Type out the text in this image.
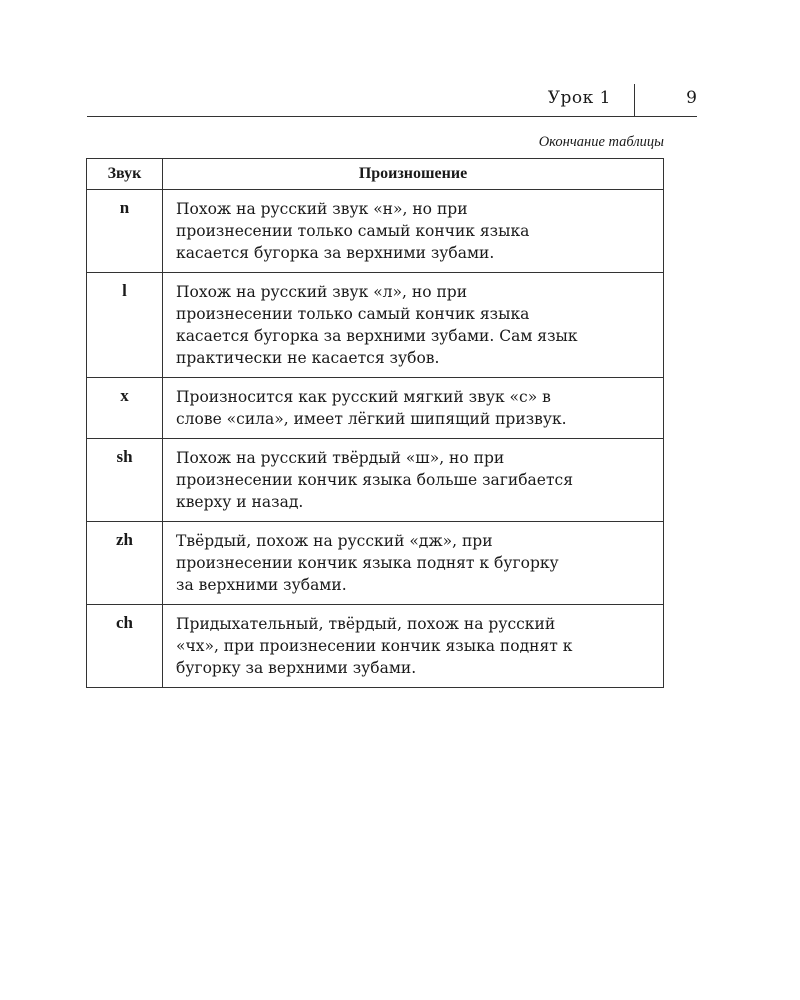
Урок 1	9
Окончание таблицы
Звук	Произношение
n	Похож на русский звук «н», но при
произнесении только самый кончик языка
касается бугорка за верхними зубами.

l	Похож на русский звук «л», но при
произнесении только самый кончик языка
касается бугорка за верхними зубами. Сам язык
практически не касается зубов.

x	Произносится как русский мягкий звук «с» в
слове «сила», имеет лёгкий шипящий призвук.

sh	Похож на русский твёрдый «ш», но при
произнесении кончик языка больше загибается
кверху и назад.

zh	Твёрдый, похож на русский «дж», при
произнесении кончик языка поднят к бугорку
за верхними зубами.

ch	Придыхательный, твёрдый, похож на русский
«чх», при произнесении кончик языка поднят к
бугорку за верхними зубами.
